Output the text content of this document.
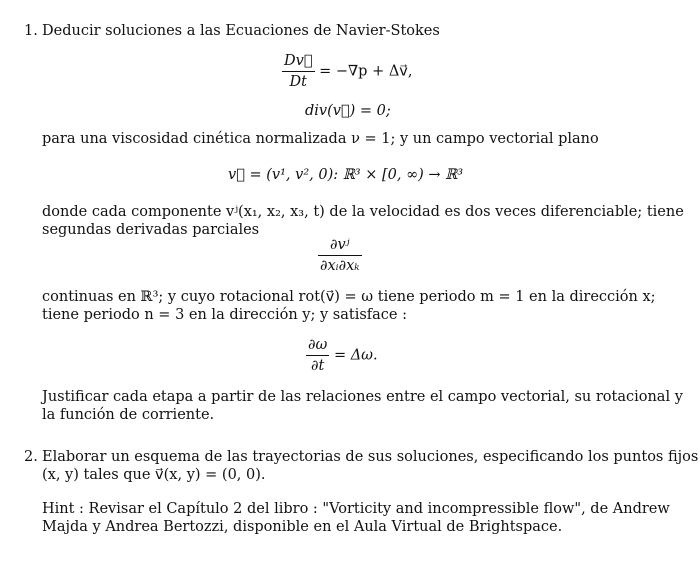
1. Deducir soluciones a las Ecuaciones de Navier-Stokes
$\frac{Dv⃗}{Dt} = -\nabla p$ + Δv⃗,
div(v⃗) = 0;
para una viscosidad cinética normalizada ν = 1; y un campo vectorial plano
v⃗ = (v¹, v², 0): ℝ³ × [0, ∞) → ℝ³
donde cada componente vʲ(x₁, x₂, x₃, t) de la velocidad es dos veces diferenciable; tiene
segundas derivadas parciales
$\frac{\text{∂vʲ}}{\text{∂xᵢ∂xₖ}}$
continuas en ℝ³; y cuyo rotacional rot(v⃗) = ω tiene periodo m = 1 en la dirección x;
tiene periodo n = 3 en la dirección y; y satisface :
$\frac{\partial\omega}{\partial t} = \Delta\omega$.
Justificar cada etapa a partir de las relaciones entre el campo vectorial, su rotacional y
la función de corriente.
2. Elaborar un esquema de las trayectorias de sus soluciones, especificando los puntos fijos
(x, y) tales que v⃗(x, y) = (0, 0).
Hint : Revisar el Capítulo 2 del libro : "Vorticity and incompressible flow", de Andrew
Majda y Andrea Bertozzi, disponible en el Aula Virtual de Brightspace.
